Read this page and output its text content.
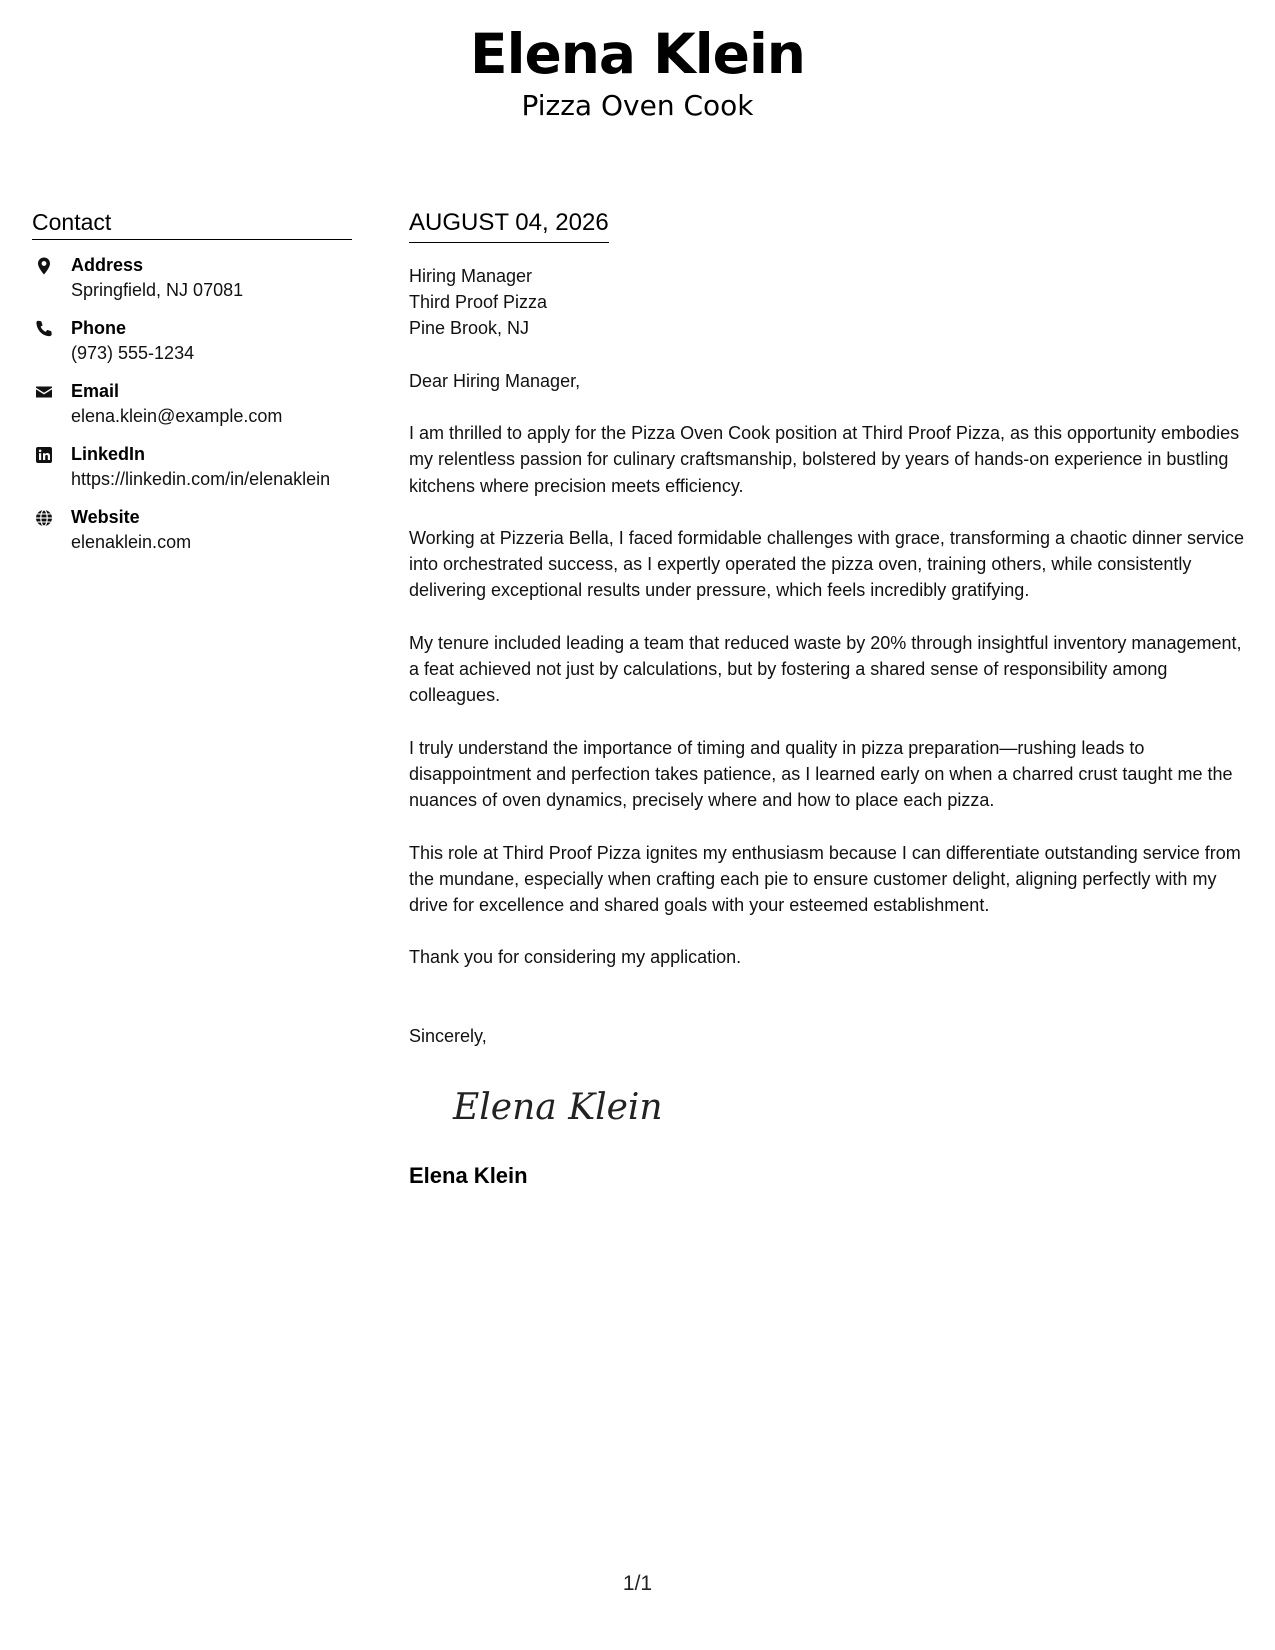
Elena Klein
Pizza Oven Cook
Contact
Address
Springfield, NJ 07081
Phone
(973) 555-1234
Email
elena.klein@example.com
LinkedIn
https://linkedin.com/in/elenaklein
Website
elenaklein.com
AUGUST 04, 2026
Hiring Manager
Third Proof Pizza
Pine Brook, NJ
Dear Hiring Manager,
I am thrilled to apply for the Pizza Oven Cook position at Third Proof Pizza, as this opportunity embodies my relentless passion for culinary craftsmanship, bolstered by years of hands-on experience in bustling kitchens where precision meets efficiency.
Working at Pizzeria Bella, I faced formidable challenges with grace, transforming a chaotic dinner service into orchestrated success, as I expertly operated the pizza oven, training others, while consistently delivering exceptional results under pressure, which feels incredibly gratifying.
My tenure included leading a team that reduced waste by 20% through insightful inventory management, a feat achieved not just by calculations, but by fostering a shared sense of responsibility among colleagues.
I truly understand the importance of timing and quality in pizza preparation—rushing leads to disappointment and perfection takes patience, as I learned early on when a charred crust taught me the nuances of oven dynamics, precisely where and how to place each pizza.
This role at Third Proof Pizza ignites my enthusiasm because I can differentiate outstanding service from the mundane, especially when crafting each pie to ensure customer delight, aligning perfectly with my drive for excellence and shared goals with your esteemed establishment.
Thank you for considering my application.
Sincerely,
Elena Klein
Elena Klein
1/1
